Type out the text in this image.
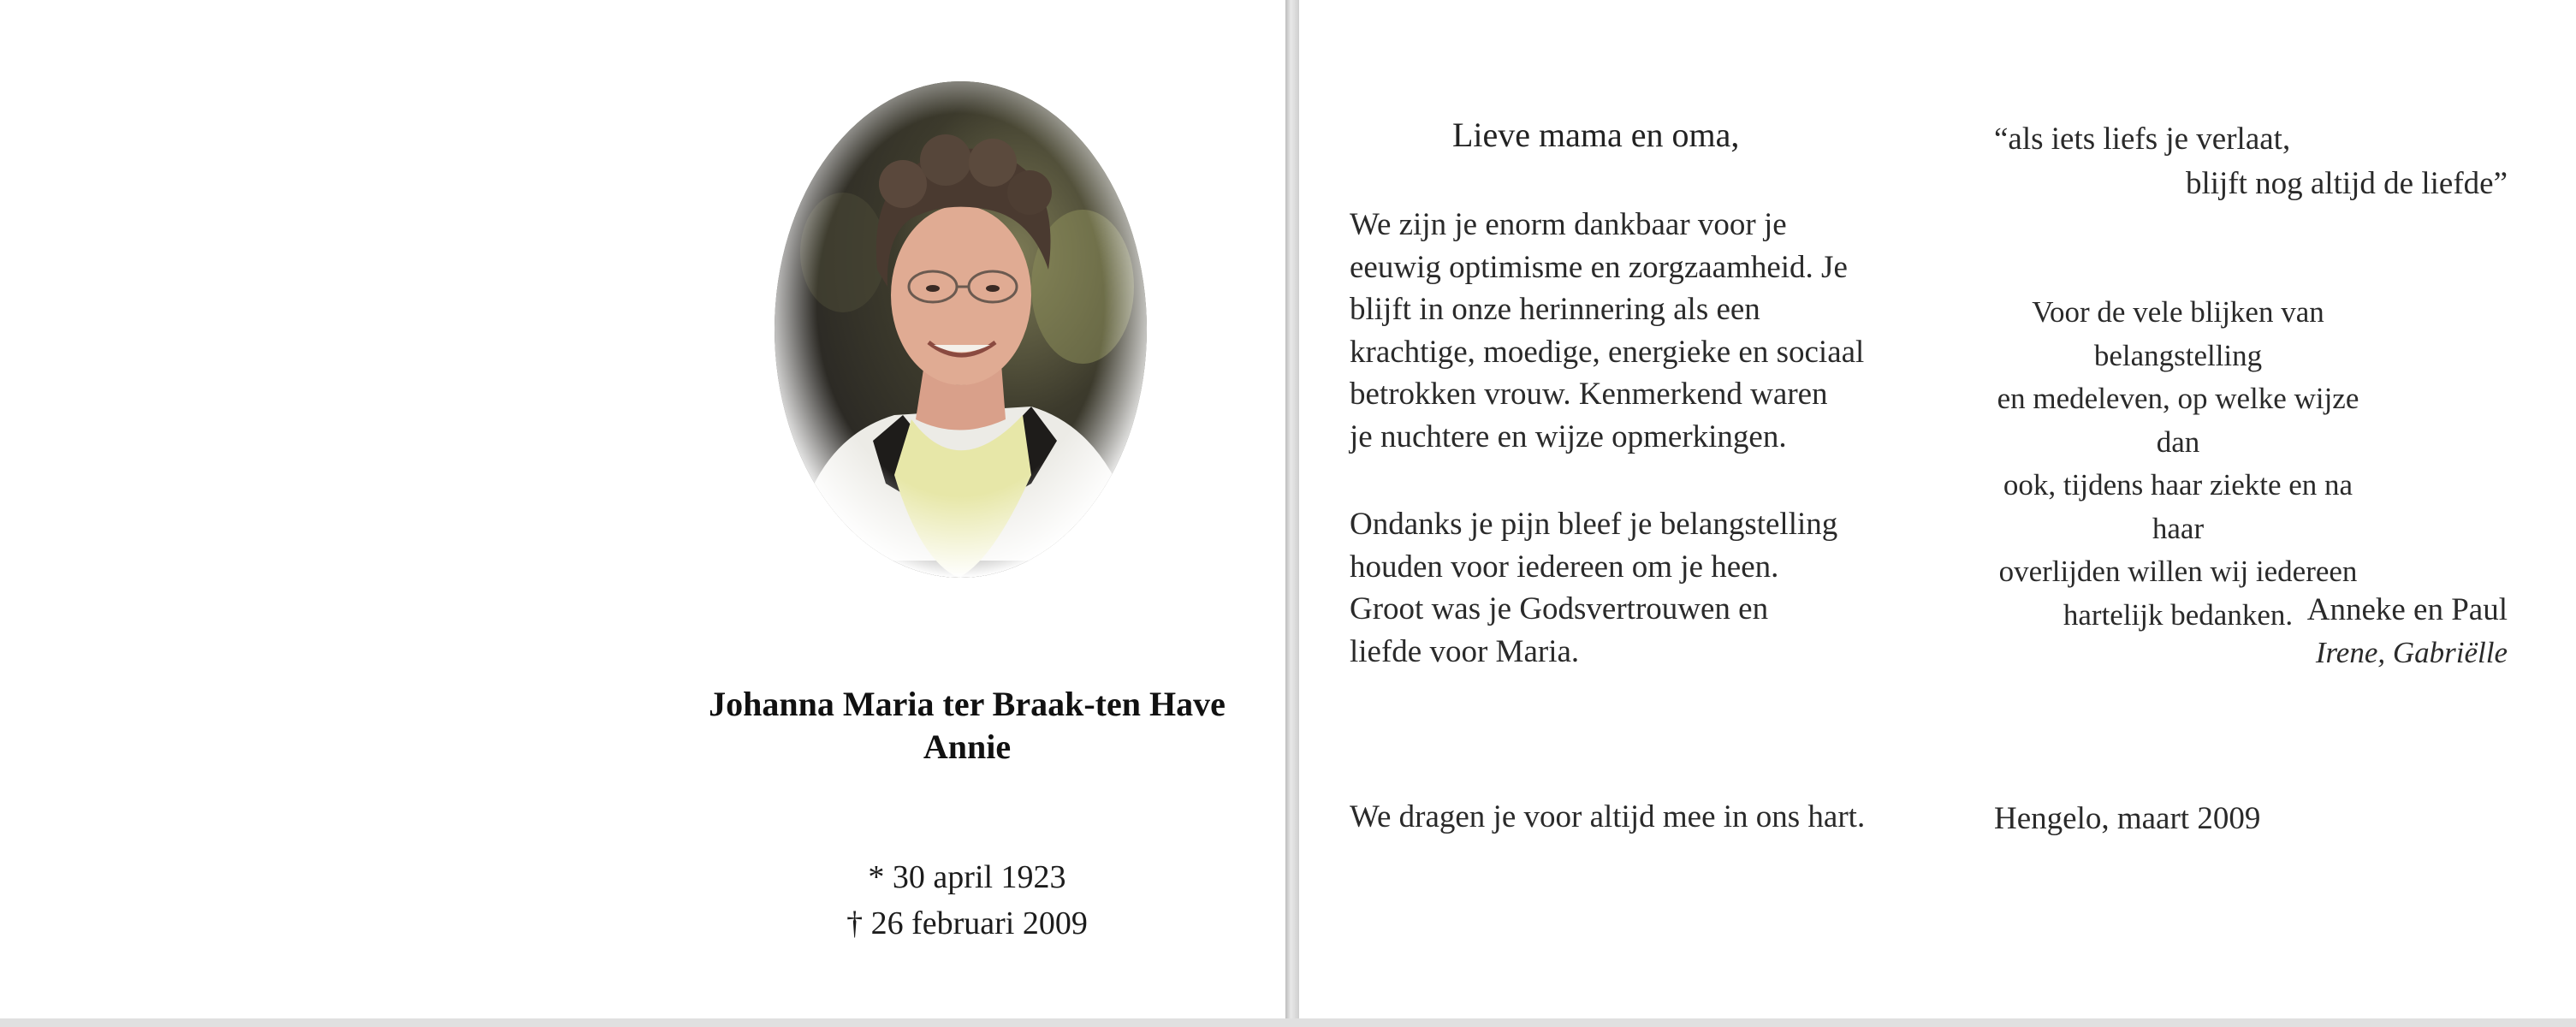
Johanna Maria ter Braak-ten Have
Annie
* 30 april 1923
† 26 februari 2009
Lieve mama en oma,
We zijn je enorm dankbaar voor je
eeuwig optimisme en zorgzaamheid. Je
blijft in onze herinnering als een
krachtige, moedige, energieke en sociaal
betrokken vrouw. Kenmerkend waren
je nuchtere en wijze opmerkingen.
Ondanks je pijn bleef je belangstelling
houden voor iedereen om je heen.
Groot was je Godsvertrouwen en
liefde voor Maria.
We dragen je voor altijd mee in ons hart.
“als iets liefs je verlaat,
blijft nog altijd de liefde”
Voor de vele blijken van belangstelling
en medeleven, op welke wijze dan
ook, tijdens haar ziekte en na haar
overlijden willen wij iedereen
hartelijk bedanken. Anneke en Paul
Irene, Gabriëlle
Hengelo, maart 2009
